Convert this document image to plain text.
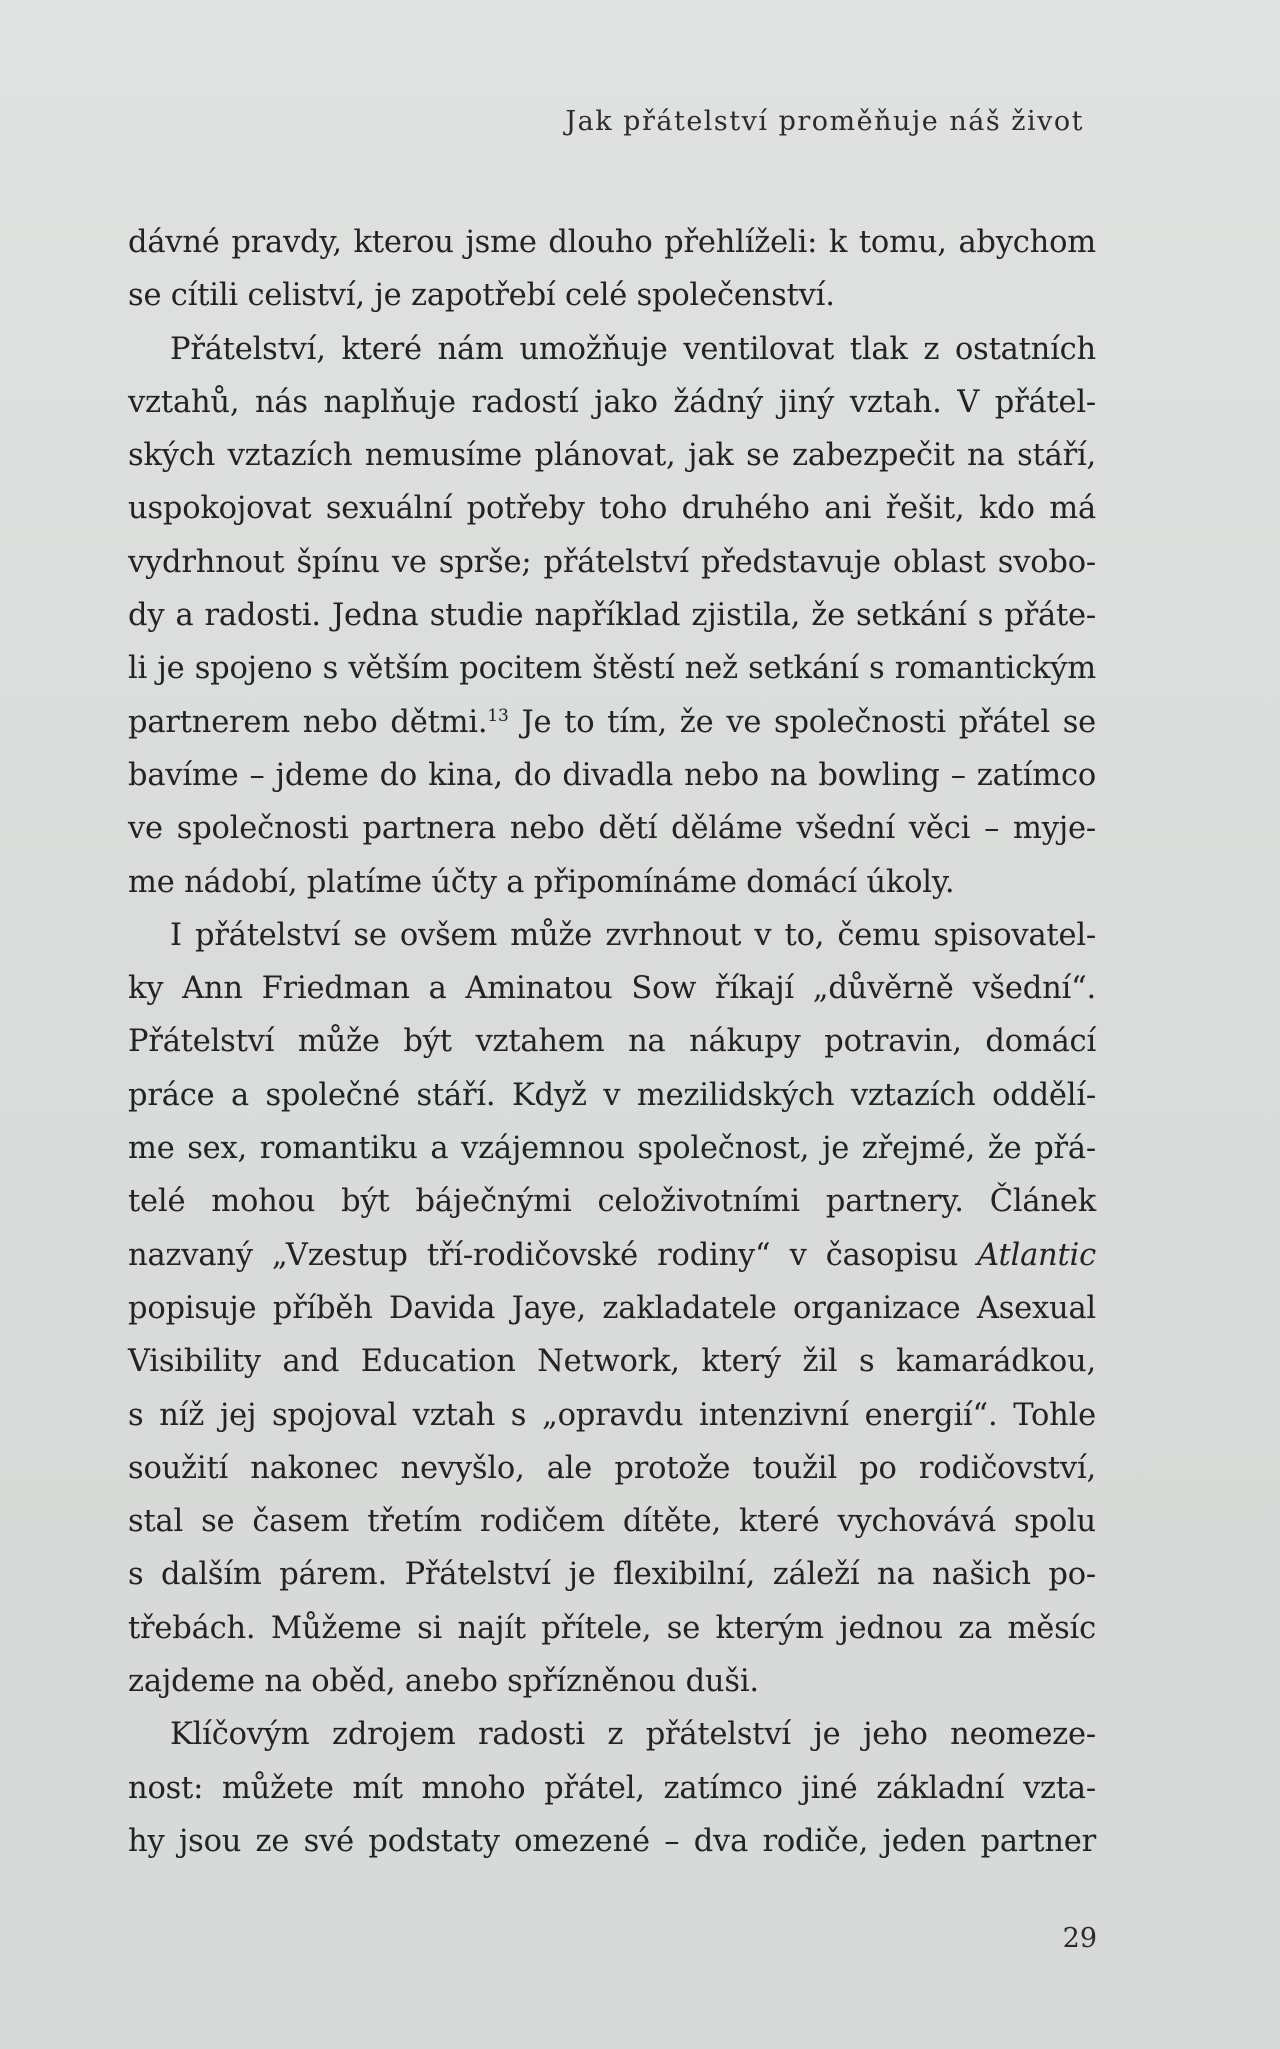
Jak přátelství proměňuje náš život
dávné pravdy, kterou jsme dlouho přehlíželi: k tomu, abychom
se cítili celiství, je zapotřebí celé společenství.
Přátelství, které nám umožňuje ventilovat tlak z ostatních
vztahů, nás naplňuje radostí jako žádný jiný vztah. V přátel-
ských vztazích nemusíme plánovat, jak se zabezpečit na stáří,
uspokojovat sexuální potřeby toho druhého ani řešit, kdo má
vydrhnout špínu ve sprše; přátelství představuje oblast svobo-
dy a radosti. Jedna studie například zjistila, že setkání s přáte-
li je spojeno s větším pocitem štěstí než setkání s romantickým
partnerem nebo dětmi.$^{13}$ Je to tím, že ve společnosti přátel se
bavíme – jdeme do kina, do divadla nebo na bowling – zatímco
ve společnosti partnera nebo dětí děláme všední věci – myje-
me nádobí, platíme účty a připomínáme domácí úkoly.
I přátelství se ovšem může zvrhnout v to, čemu spisovatel-
ky Ann Friedman a Aminatou Sow říkají „důvěrně všední“.
Přátelství může být vztahem na nákupy potravin, domácí
práce a společné stáří. Když v mezilidských vztazích oddělí-
me sex, romantiku a vzájemnou společnost, je zřejmé, že přá-
telé mohou být báječnými celoživotními partnery. Článek
nazvaný „Vzestup tří-rodičovské rodiny“ v časopisu Atlantic
popisuje příběh Davida Jaye, zakladatele organizace Asexual
Visibility and Education Network, který žil s kamarádkou,
s níž jej spojoval vztah s „opravdu intenzivní energií“. Tohle
soužití nakonec nevyšlo, ale protože toužil po rodičovství,
stal se časem třetím rodičem dítěte, které vychovává spolu
s dalším párem. Přátelství je flexibilní, záleží na našich po-
třebách. Můžeme si najít přítele, se kterým jednou za měsíc
zajdeme na oběd, anebo spřízněnou duši.
Klíčovým zdrojem radosti z přátelství je jeho neomeze-
nost: můžete mít mnoho přátel, zatímco jiné základní vzta-
hy jsou ze své podstaty omezené – dva rodiče, jeden partner
29
